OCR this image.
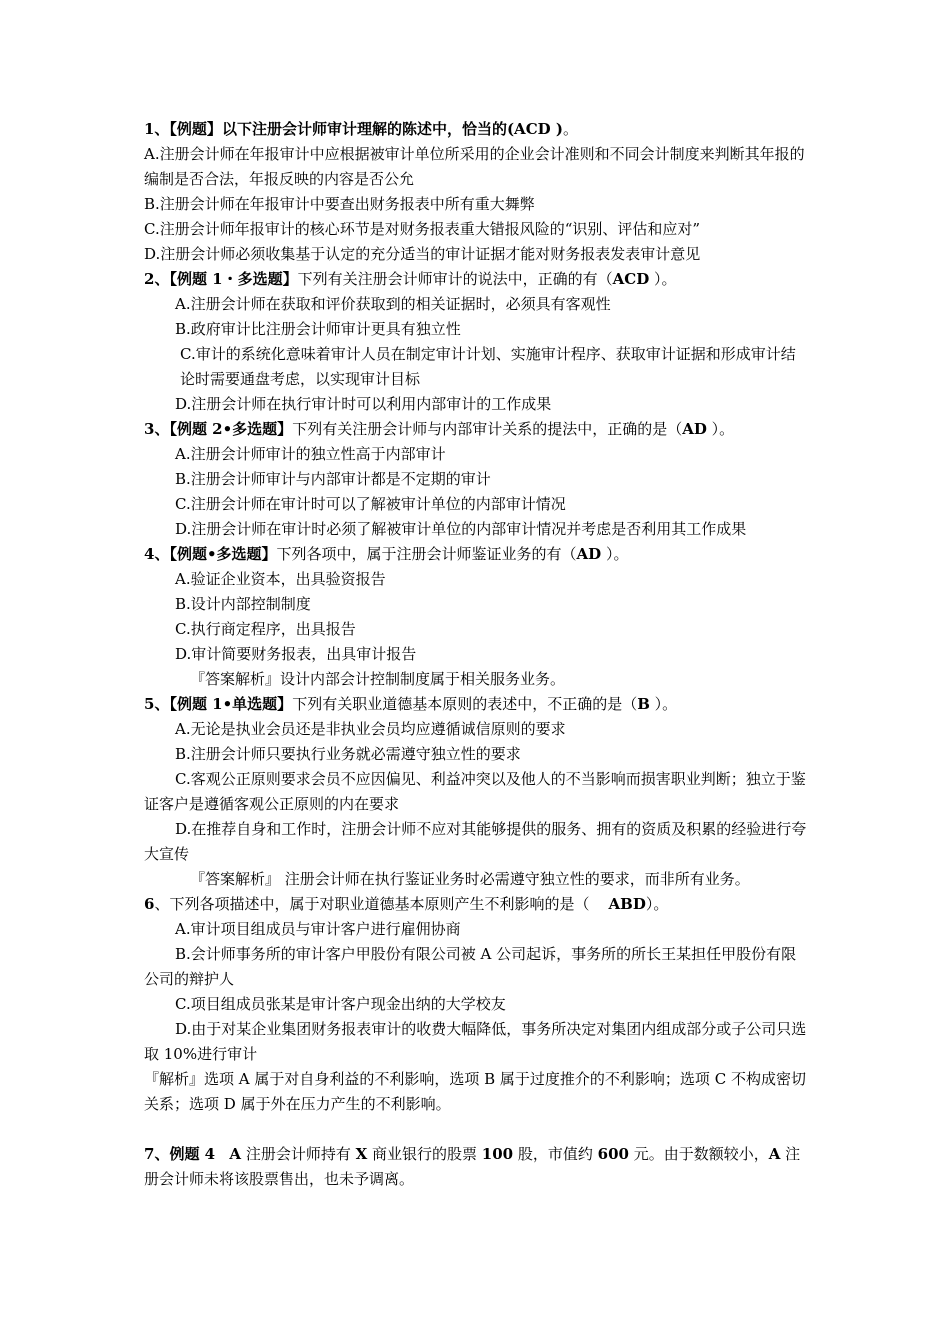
1、【例题】以下注册会计师审计理解的陈述中，恰当的(ACD )。
A.注册会计师在年报审计中应根据被审计单位所采用的企业会计准则和不同会计制度来判断其年报的编制是否合法，年报反映的内容是否公允
B.注册会计师在年报审计中要查出财务报表中所有重大舞弊
C.注册会计师年报审计的核心环节是对财务报表重大错报风险的“识别、评估和应对”
D.注册会计师必须收集基于认定的充分适当的审计证据才能对财务报表发表审计意见
2、【例题 1・多选题】下列有关注册会计师审计的说法中，正确的有（ACD ）。
A.注册会计师在获取和评价获取到的相关证据时，必须具有客观性
B.政府审计比注册会计师审计更具有独立性
C.审计的系统化意味着审计人员在制定审计计划、实施审计程序、获取审计证据和形成审计结论时需要通盘考虑，以实现审计目标
D.注册会计师在执行审计时可以利用内部审计的工作成果
3、【例题 2•多选题】下列有关注册会计师与内部审计关系的提法中，正确的是（AD ）。
A.注册会计师审计的独立性高于内部审计
B.注册会计师审计与内部审计都是不定期的审计
C.注册会计师在审计时可以了解被审计单位的内部审计情况
D.注册会计师在审计时必须了解被审计单位的内部审计情况并考虑是否利用其工作成果
4、【例题•多选题】下列各项中，属于注册会计师鉴证业务的有（AD ）。
A.验证企业资本，出具验资报告
B.设计内部控制制度
C.执行商定程序，出具报告
D.审计简要财务报表，出具审计报告
『答案解析』设计内部会计控制制度属于相关服务业务。
5、【例题 1•单选题】下列有关职业道德基本原则的表述中，不正确的是（B ）。
A.无论是执业会员还是非执业会员均应遵循诚信原则的要求
B.注册会计师只要执行业务就必需遵守独立性的要求
C.客观公正原则要求会员不应因偏见、利益冲突以及他人的不当影响而损害职业判断；独立于鉴证客户是遵循客观公正原则的内在要求
D.在推荐自身和工作时，注册会计师不应对其能够提供的服务、拥有的资质及积累的经验进行夸大宣传
『答案解析』 注册会计师在执行鉴证业务时必需遵守独立性的要求，而非所有业务。
6、下列各项描述中，属于对职业道德基本原则产生不利影响的是（ ABD）。
A.审计项目组成员与审计客户进行雇佣协商
B.会计师事务所的审计客户甲股份有限公司被 A 公司起诉，事务所的所长王某担任甲股份有限公司的辩护人
C.项目组成员张某是审计客户现金出纳的大学校友
D.由于对某企业集团财务报表审计的收费大幅降低，事务所决定对集团内组成部分或子公司只选取 10%进行审计
『解析』选项 A 属于对自身利益的不利影响，选项 B 属于过度推介的不利影响；选项 C 不构成密切关系；选项 D 属于外在压力产生的不利影响。
7、例题 4 A 注册会计师持有 X 商业银行的股票 100 股，市值约 600 元。由于数额较小，A 注册会计师未将该股票售出，也未予调离。
